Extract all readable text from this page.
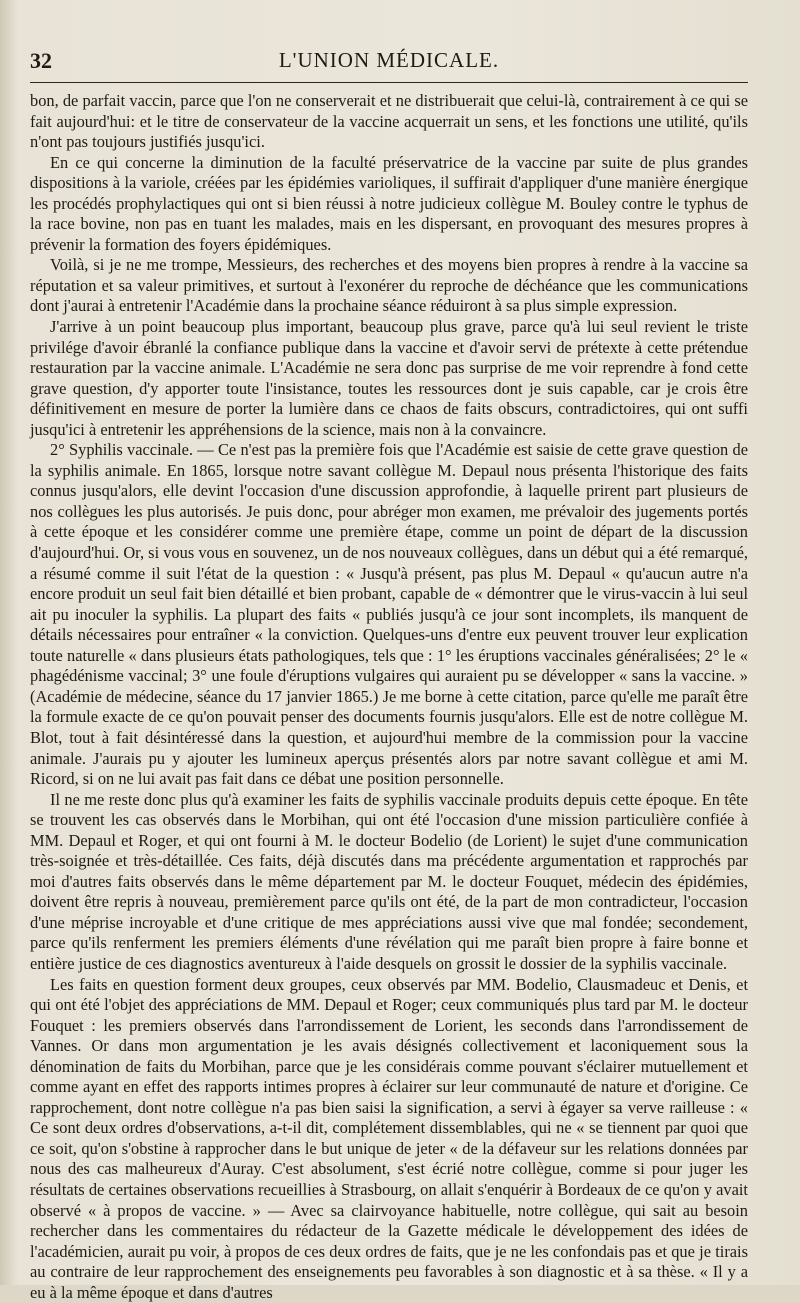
32	L'UNION MÉDICALE.

bon, de parfait vaccin, parce que l'on ne conserverait et ne distribuerait que celui-là, contrairement à ce qui se fait aujourd'hui: et le titre de conservateur de la vaccine acquerrait un sens, et les fonctions une utilité, qu'ils n'ont pas toujours justifiés jusqu'ici.

En ce qui concerne la diminution de la faculté préservatrice de la vaccine par suite de plus grandes dispositions à la variole, créées par les épidémies varioliques, il suffirait d'appliquer d'une manière énergique les procédés prophylactiques qui ont si bien réussi à notre judicieux collègue M. Bouley contre le typhus de la race bovine, non pas en tuant les malades, mais en les dispersant, en provoquant des mesures propres à prévenir la formation des foyers épidémiques.

Voilà, si je ne me trompe, Messieurs, des recherches et des moyens bien propres à rendre à la vaccine sa réputation et sa valeur primitives, et surtout à l'exonérer du reproche de déchéance que les communications dont j'aurai à entretenir l'Académie dans la prochaine séance réduiront à sa plus simple expression.

J'arrive à un point beaucoup plus important, beaucoup plus grave, parce qu'à lui seul revient le triste privilége d'avoir ébranlé la confiance publique dans la vaccine et d'avoir servi de prétexte à cette prétendue restauration par la vaccine animale. L'Académie ne sera donc pas surprise de me voir reprendre à fond cette grave question, d'y apporter toute l'insistance, toutes les ressources dont je suis capable, car je crois être définitivement en mesure de porter la lumière dans ce chaos de faits obscurs, contradictoires, qui ont suffi jusqu'ici à entretenir les appréhensions de la science, mais non à la convaincre.

2° Syphilis vaccinale. — Ce n'est pas la première fois que l'Académie est saisie de cette grave question de la syphilis animale. En 1865, lorsque notre savant collègue M. Depaul nous présenta l'historique des faits connus jusqu'alors, elle devint l'occasion d'une discussion approfondie, à laquelle prirent part plusieurs de nos collègues les plus autorisés. Je puis donc, pour abréger mon examen, me prévaloir des jugements portés à cette époque et les considérer comme une première étape, comme un point de départ de la discussion d'aujourd'hui. Or, si vous vous en souvenez, un de nos nouveaux collègues, dans un début qui a été remarqué, a résumé comme il suit l'état de la question : « Jusqu'à présent, pas plus M. Depaul « qu'aucun autre n'a encore produit un seul fait bien détaillé et bien probant, capable de « démontrer que le virus-vaccin à lui seul ait pu inoculer la syphilis. La plupart des faits « publiés jusqu'à ce jour sont incomplets, ils manquent de détails nécessaires pour entraîner « la conviction. Quelques-uns d'entre eux peuvent trouver leur explication toute naturelle « dans plusieurs états pathologiques, tels que : 1° les éruptions vaccinales généralisées; 2° le « phagédénisme vaccinal; 3° une foule d'éruptions vulgaires qui auraient pu se développer « sans la vaccine. » (Académie de médecine, séance du 17 janvier 1865.) Je me borne à cette citation, parce qu'elle me paraît être la formule exacte de ce qu'on pouvait penser des documents fournis jusqu'alors. Elle est de notre collègue M. Blot, tout à fait désintéressé dans la question, et aujourd'hui membre de la commission pour la vaccine animale. J'aurais pu y ajouter les lumineux aperçus présentés alors par notre savant collègue et ami M. Ricord, si on ne lui avait pas fait dans ce débat une position personnelle.

Il ne me reste donc plus qu'à examiner les faits de syphilis vaccinale produits depuis cette époque. En tête se trouvent les cas observés dans le Morbihan, qui ont été l'occasion d'une mission particulière confiée à MM. Depaul et Roger, et qui ont fourni à M. le docteur Bodelio (de Lorient) le sujet d'une communication très-soignée et très-détaillée. Ces faits, déjà discutés dans ma précédente argumentation et rapprochés par moi d'autres faits observés dans le même département par M. le docteur Fouquet, médecin des épidémies, doivent être repris à nouveau, premièrement parce qu'ils ont été, de la part de mon contradicteur, l'occasion d'une méprise incroyable et d'une critique de mes appréciations aussi vive que mal fondée; secondement, parce qu'ils renferment les premiers éléments d'une révélation qui me paraît bien propre à faire bonne et entière justice de ces diagnostics aventureux à l'aide desquels on grossit le dossier de la syphilis vaccinale.

Les faits en question forment deux groupes, ceux observés par MM. Bodelio, Clausmadeuc et Denis, et qui ont été l'objet des appréciations de MM. Depaul et Roger; ceux communiqués plus tard par M. le docteur Fouquet : les premiers observés dans l'arrondissement de Lorient, les seconds dans l'arrondissement de Vannes. Or dans mon argumentation je les avais désignés collectivement et laconiquement sous la dénomination de faits du Morbihan, parce que je les considérais comme pouvant s'éclairer mutuellement et comme ayant en effet des rapports intimes propres à éclairer sur leur communauté de nature et d'origine. Ce rapprochement, dont notre collègue n'a pas bien saisi la signification, a servi à égayer sa verve railleuse : « Ce sont deux ordres d'observations, a-t-il dit, complétement dissemblables, qui ne « se tiennent par quoi que ce soit, qu'on s'obstine à rapprocher dans le but unique de jeter « de la défaveur sur les relations données par nous des cas malheureux d'Auray. C'est absolument, s'est écrié notre collègue, comme si pour juger les résultats de certaines observations recueillies à Strasbourg, on allait s'enquérir à Bordeaux de ce qu'on y avait observé « à propos de vaccine. » — Avec sa clairvoyance habituelle, notre collègue, qui sait au besoin rechercher dans les commentaires du rédacteur de la Gazette médicale le développement des idées de l'académicien, aurait pu voir, à propos de ces deux ordres de faits, que je ne les confondais pas et que je tirais au contraire de leur rapprochement des enseignements peu favorables à son diagnostic et à sa thèse. « Il y a eu à la même époque et dans d'autres
